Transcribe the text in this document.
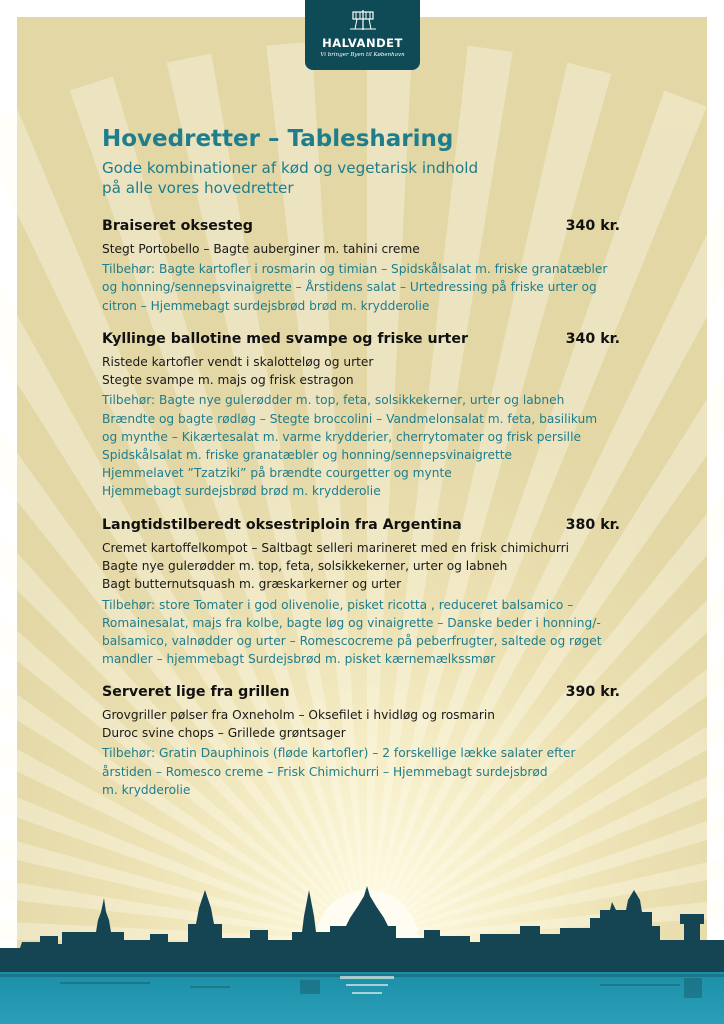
HALVANDET
Vi bringer Byen til København
Hovedretter – Tablesharing
Gode kombinationer af kød og vegetarisk indhold
på alle vores hovedretter
Braiseret oksesteg	340 kr.
Stegt Portobello – Bagte auberginer m. tahini creme
Tilbehør: Bagte kartofler i rosmarin og timian – Spidskålsalat m. friske granatæbler
og honning/sennepsvinaigrette – Årstidens salat – Urtedressing på friske urter og
citron – Hjemmebagt surdejsbrød brød m. krydderolie
Kyllinge ballotine med svampe og friske urter	340 kr.
Ristede kartofler vendt i skalotteløg og urter
Stegte svampe m. majs og frisk estragon
Tilbehør: Bagte nye gulerødder m. top, feta, solsikkekerner, urter og labneh
Brændte og bagte rødløg – Stegte broccolini – Vandmelonsalat m. feta, basilikum
og mynthe – Kikærtesalat m. varme krydderier, cherrytomater og frisk persille
Spidskålsalat m. friske granatæbler og honning/sennepsvinaigrette
Hjemmelavet ”Tzatziki” på brændte courgetter og mynte
Hjemmebagt surdejsbrød brød m. krydderolie
Langtidstilberedt oksestriploin fra Argentina	380 kr.
Cremet kartoffelkompot – Saltbagt selleri marineret med en frisk chimichurri
Bagte nye gulerødder m. top, feta, solsikkekerner, urter og labneh
Bagt butternutsquash m. græskarkerner og urter
Tilbehør: store Tomater i god olivenolie, pisket ricotta , reduceret balsamico –
Romainesalat, majs fra kolbe, bagte løg og vinaigrette – Danske beder i honning/-
balsamico, valnødder og urter – Romescocreme på peberfrugter, saltede og røget
mandler – hjemmebagt Surdejsbrød m. pisket kærnemælkssmør
Serveret lige fra grillen	390 kr.
Grovgriller pølser fra Oxneholm – Oksefilet i hvidløg og rosmarin
Duroc svine chops – Grillede grøntsager
Tilbehør: Gratin Dauphinois (fløde kartofler) – 2 forskellige lække salater efter
årstiden – Romesco creme – Frisk Chimichurri – Hjemmebagt surdejsbrød
m. krydderolie
